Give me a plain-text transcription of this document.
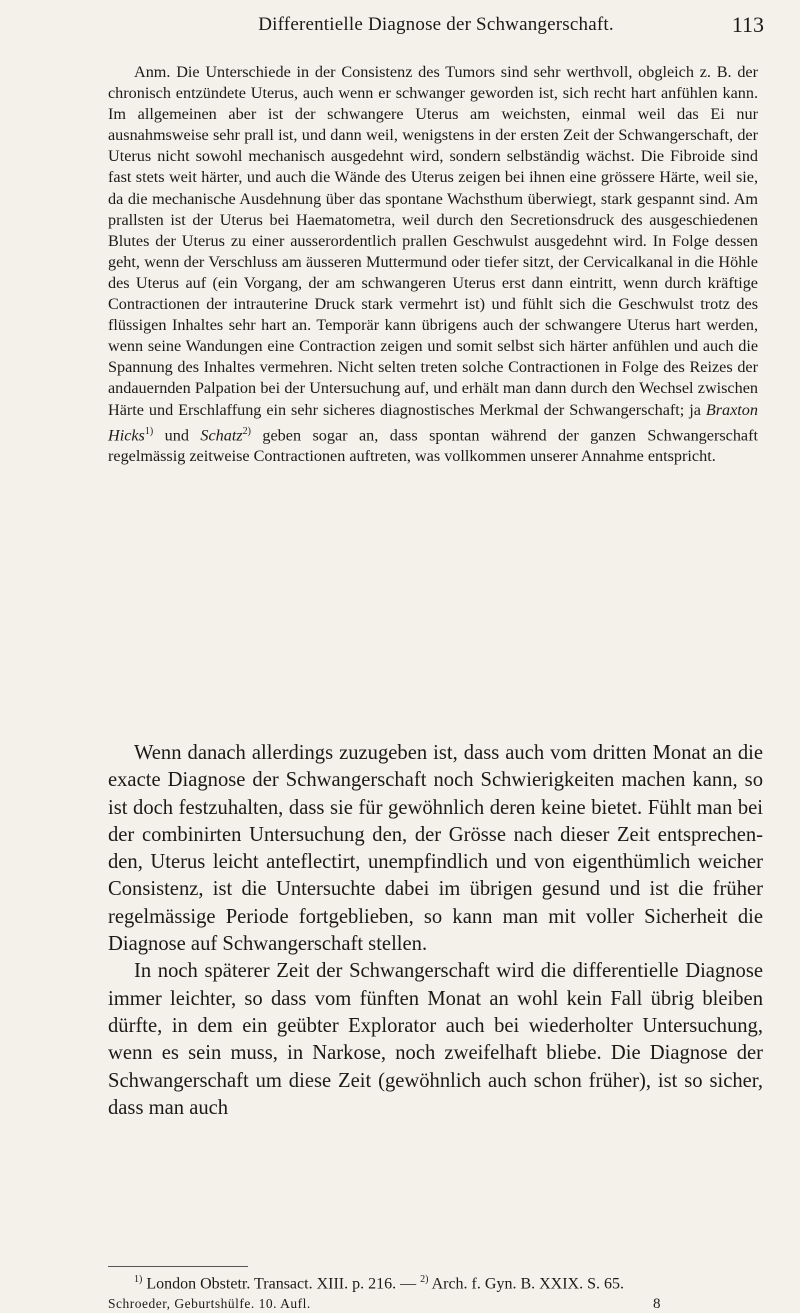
Differentielle Diagnose der Schwangerschaft.	113

Anm. Die Unterschiede in der Consistenz des Tumors sind sehr werthvoll, obgleich z. B. der chronisch entzündete Uterus, auch wenn er schwanger geworden ist, sich recht hart anfühlen kann. Im allgemeinen aber ist der schwangere Uterus am weichsten, einmal weil das Ei nur ausnahmsweise sehr prall ist, und dann weil, wenigstens in der ersten Zeit der Schwangerschaft, der Uterus nicht sowohl mechanisch ausgedehnt wird, sondern selbständig wächst. Die Fibroide sind fast stets weit härter, und auch die Wände des Uterus zeigen bei ihnen eine grössere Härte, weil sie, da die mechanische Ausdehnung über das spontane Wachsthum überwiegt, stark gespannt sind. Am prallsten ist der Uterus bei Haematometra, weil durch den Secretionsdruck des ausgeschiedenen Blutes der Uterus zu einer ausserordentlich prallen Geschwulst ausgedehnt wird. In Folge dessen geht, wenn der Verschluss am äusseren Muttermund oder tiefer sitzt, der Cervicalkanal in die Höhle des Uterus auf (ein Vorgang, der am schwangeren Uterus erst dann eintritt, wenn durch kräftige Contractionen der intrauterine Druck stark vermehrt ist) und fühlt sich die Geschwulst trotz des flüssigen Inhaltes sehr hart an. Temporär kann übrigens auch der schwangere Uterus hart werden, wenn seine Wandungen eine Contraction zeigen und somit selbst sich härter anfühlen und auch die Spannung des Inhaltes vermehren. Nicht selten treten solche Contractionen in Folge des Reizes der andauernden Palpation bei der Untersuchung auf, und erhält man dann durch den Wechsel zwischen Härte und Erschlaffung ein sehr sicheres diagnostisches Merkmal der Schwangerschaft; ja Braxton Hicks$^{1)}$ und Schatz$^{2)}$ geben sogar an, dass spontan während der ganzen Schwangerschaft regelmässig zeitweise Contractionen auftreten, was vollkommen unserer Annahme entspricht.

Wenn danach allerdings zuzugeben ist, dass auch vom dritten Monat an die exacte Diagnose der Schwangerschaft noch Schwierigkeiten machen kann, so ist doch festzuhalten, dass sie für gewöhnlich deren keine bietet. Fühlt man bei der combinirten Untersuchung den, der Grösse nach dieser Zeit entsprechenden, Uterus leicht anteflectirt, unempfindlich und von eigenthümlich weicher Consistenz, ist die Untersuchte dabei im übrigen gesund und ist die früher regelmässige Periode fortgeblieben, so kann man mit voller Sicherheit die Diagnose auf Schwangerschaft stellen.

In noch späterer Zeit der Schwangerschaft wird die differentielle Diagnose immer leichter, so dass vom fünften Monat an wohl kein Fall übrig bleiben dürfte, in dem ein geübter Explorator auch bei wiederholter Untersuchung, wenn es sein muss, in Narkose, noch zweifelhaft bliebe. Die Diagnose der Schwangerschaft um diese Zeit (gewöhnlich auch schon früher), ist so sicher, dass man auch

$^{1)}$ London Obstetr. Transact. XIII. p. 216. — $^{2)}$ Arch. f. Gyn. B. XXIX. S. 65.
Schroeder, Geburtshülfe. 10. Aufl.	8
